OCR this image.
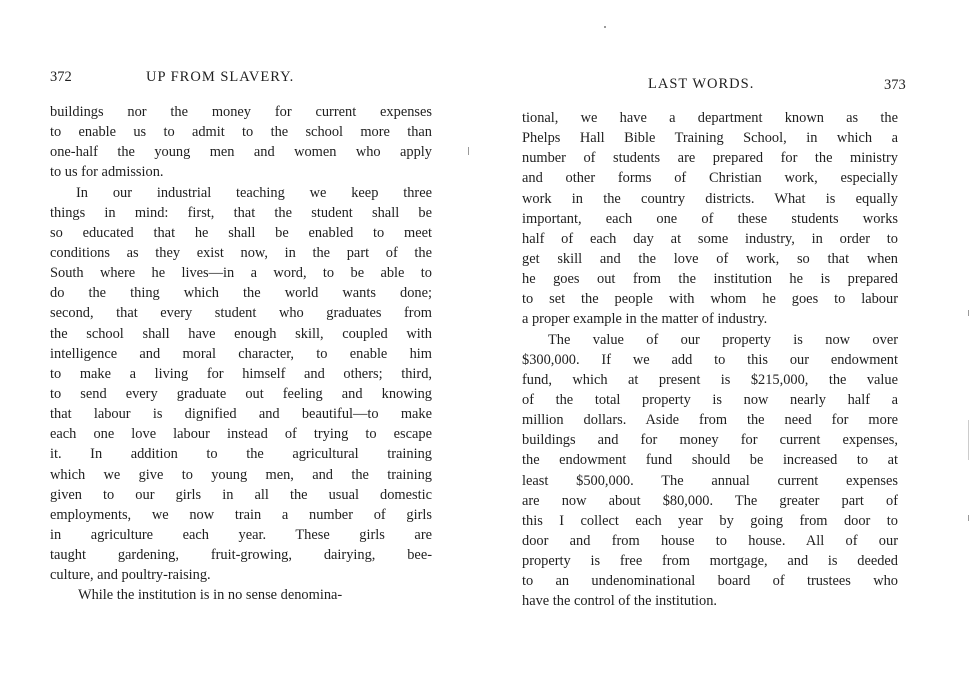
372	UP FROM SLAVERY.
buildings nor the money for current expenses
to enable us to admit to the school more than
one-half the young men and women who apply
to us for admission.
In our industrial teaching we keep three
things in mind: first, that the student shall be
so educated that he shall be enabled to meet
conditions as they exist now, in the part of the
South where he lives—in a word, to be able to
do the thing which the world wants done;
second, that every student who graduates from
the school shall have enough skill, coupled with
intelligence and moral character, to enable him
to make a living for himself and others; third,
to send every graduate out feeling and knowing
that labour is dignified and beautiful—to make
each one love labour instead of trying to escape
it. In addition to the agricultural training
which we give to young men, and the training
given to our girls in all the usual domestic
employments, we now train a number of girls
in agriculture each year. These girls are
taught gardening, fruit-growing, dairying, bee-
culture, and poultry-raising.
While the institution is in no sense denomina-
LAST WORDS.	373
tional, we have a department known as the
Phelps Hall Bible Training School, in which a
number of students are prepared for the ministry
and other forms of Christian work, especially
work in the country districts. What is equally
important, each one of these students works
half of each day at some industry, in order to
get skill and the love of work, so that when
he goes out from the institution he is prepared
to set the people with whom he goes to labour
a proper example in the matter of industry.
The value of our property is now over
$300,000. If we add to this our endowment
fund, which at present is $215,000, the value
of the total property is now nearly half a
million dollars. Aside from the need for more
buildings and for money for current expenses,
the endowment fund should be increased to at
least $500,000. The annual current expenses
are now about $80,000. The greater part of
this I collect each year by going from door to
door and from house to house. All of our
property is free from mortgage, and is deeded
to an undenominational board of trustees who
have the control of the institution.
